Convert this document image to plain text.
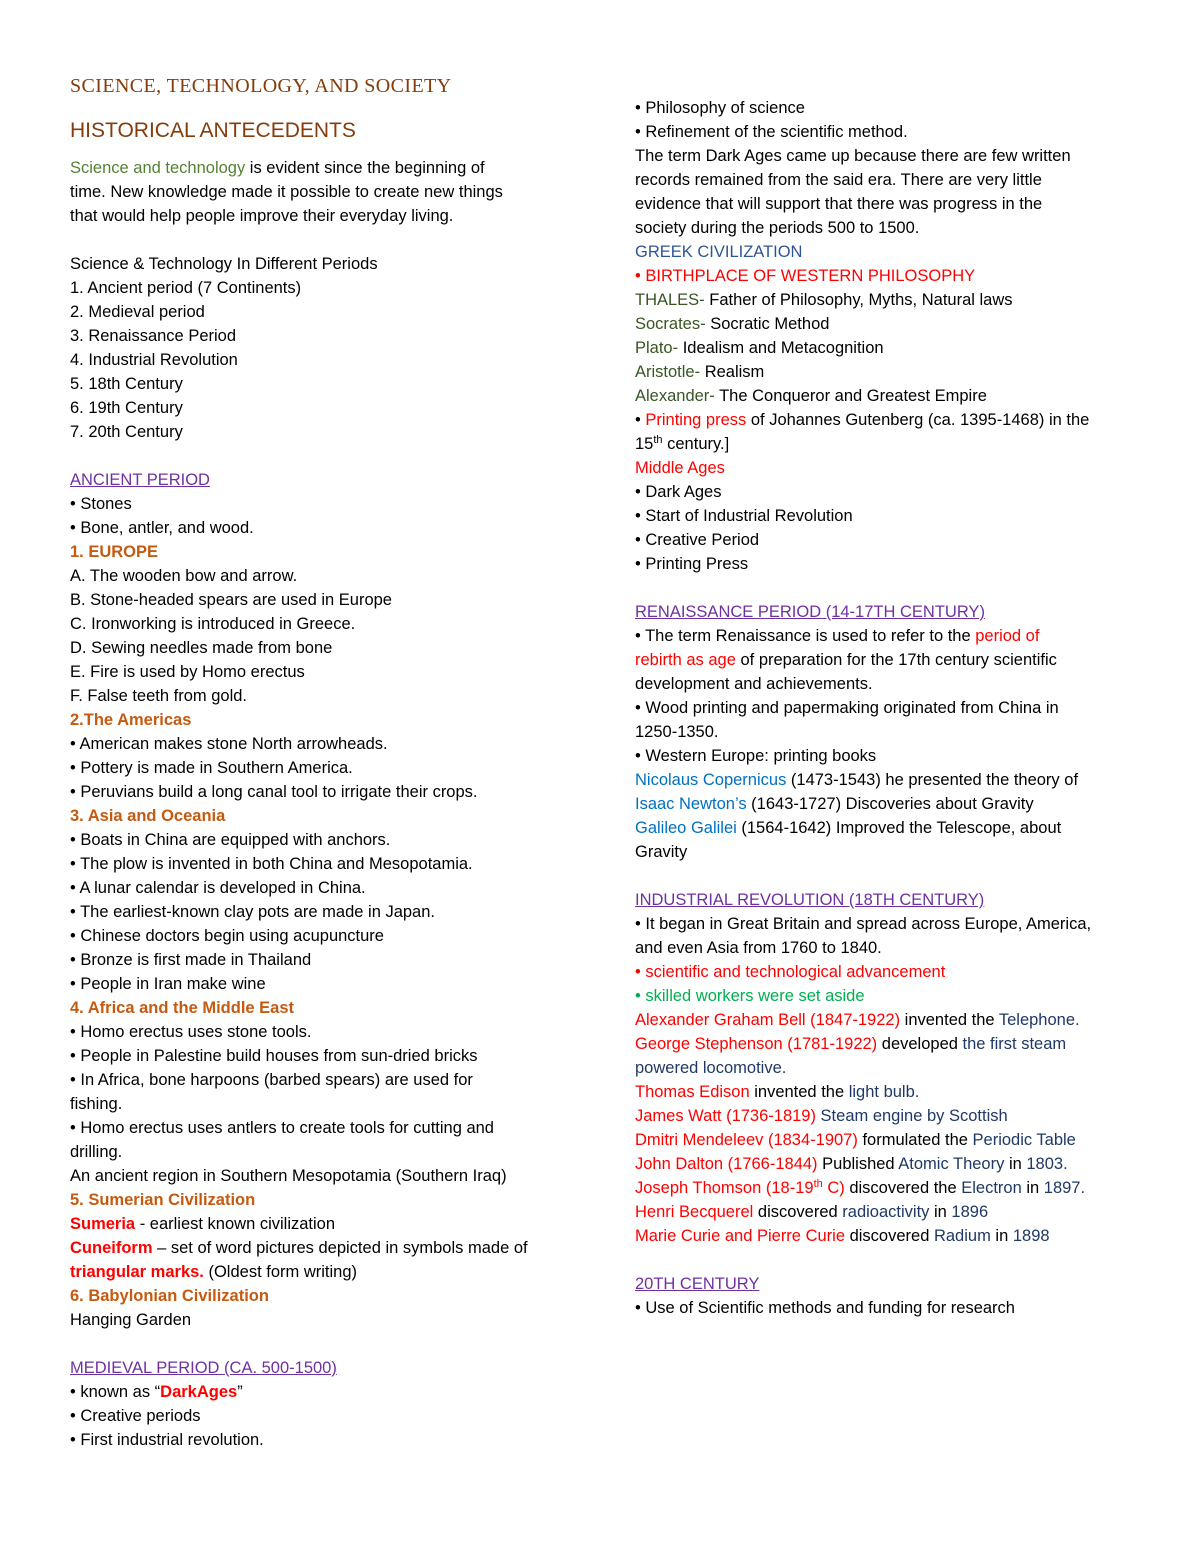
SCIENCE, TECHNOLOGY, AND SOCIETY
HISTORICAL ANTECEDENTS
Science and technology is evident since the beginning of
time. New knowledge made it possible to create new things
that would help people improve their everyday living.
Science & Technology In Different Periods
1. Ancient period (7 Continents)
2. Medieval period
3. Renaissance Period
4. Industrial Revolution
5. 18th Century
6. 19th Century
7. 20th Century
ANCIENT PERIOD
• Stones
• Bone, antler, and wood.
1. EUROPE
A. The wooden bow and arrow.
B. Stone-headed spears are used in Europe
C. Ironworking is introduced in Greece.
D. Sewing needles made from bone
E. Fire is used by Homo erectus
F. False teeth from gold.
2.The Americas
• American makes stone North arrowheads.
• Pottery is made in Southern America.
• Peruvians build a long canal tool to irrigate their crops.
3. Asia and Oceania
• Boats in China are equipped with anchors.
• The plow is invented in both China and Mesopotamia.
• A lunar calendar is developed in China.
• The earliest-known clay pots are made in Japan.
• Chinese doctors begin using acupuncture
• Bronze is first made in Thailand
• People in Iran make wine
4. Africa and the Middle East
• Homo erectus uses stone tools.
• People in Palestine build houses from sun-dried bricks
• In Africa, bone harpoons (barbed spears) are used for
fishing.
• Homo erectus uses antlers to create tools for cutting and
drilling.
An ancient region in Southern Mesopotamia (Southern Iraq)
5. Sumerian Civilization
Sumeria - earliest known civilization
Cuneiform – set of word pictures depicted in symbols made of
triangular marks. (Oldest form writing)
6. Babylonian Civilization
Hanging Garden
MEDIEVAL PERIOD (CA. 500-1500)
• known as “DarkAges”
• Creative periods
• First industrial revolution.
• Philosophy of science
• Refinement of the scientific method.
The term Dark Ages came up because there are few written
records remained from the said era. There are very little
evidence that will support that there was progress in the
society during the periods 500 to 1500.
GREEK CIVILIZATION
• BIRTHPLACE OF WESTERN PHILOSOPHY
THALES- Father of Philosophy, Myths, Natural laws
Socrates- Socratic Method
Plato- Idealism and Metacognition
Aristotle- Realism
Alexander- The Conqueror and Greatest Empire
• Printing press of Johannes Gutenberg (ca. 1395-1468) in the
15th century.]
Middle Ages
• Dark Ages
• Start of Industrial Revolution
• Creative Period
• Printing Press
RENAISSANCE PERIOD (14-17TH CENTURY)
• The term Renaissance is used to refer to the period of
rebirth as age of preparation for the 17th century scientific
development and achievements.
• Wood printing and papermaking originated from China in
1250-1350.
• Western Europe: printing books
Nicolaus Copernicus (1473-1543) he presented the theory of
Isaac Newton’s (1643-1727) Discoveries about Gravity
Galileo Galilei (1564-1642) Improved the Telescope, about
Gravity
INDUSTRIAL REVOLUTION (18TH CENTURY)
• It began in Great Britain and spread across Europe, America,
and even Asia from 1760 to 1840.
• scientific and technological advancement
• skilled workers were set aside
Alexander Graham Bell (1847-1922) invented the Telephone.
George Stephenson (1781-1922) developed the first steam
powered locomotive.
Thomas Edison invented the light bulb.
James Watt (1736-1819) Steam engine by Scottish
Dmitri Mendeleev (1834-1907) formulated the Periodic Table
John Dalton (1766-1844) Published Atomic Theory in 1803.
Joseph Thomson (18-19th C) discovered the Electron in 1897.
Henri Becquerel discovered radioactivity in 1896
Marie Curie and Pierre Curie discovered Radium in 1898
20TH CENTURY
• Use of Scientific methods and funding for research
